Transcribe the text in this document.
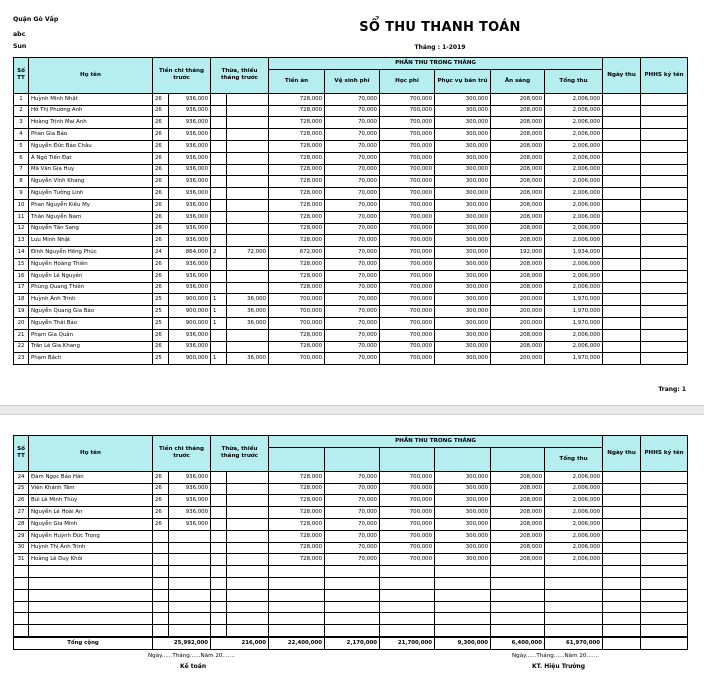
Quận Gò Vấp
abc
Sun
SỔ THU THANH TOÁN
Tháng : 1-2019
Số TT	Họ tên	Tiền chi tháng trước		Thừa, thiếu tháng trước		PHẦN THU TRONG THÁNG						Ngày thu	PHHS ký tên
						Tiền ăn	Vệ sinh phí	Học phí	Phục vụ bán trú	Ăn sáng	Tổng thu		
1	Huỳnh Minh Nhật	26	936,000			728,000	70,000	700,000	300,000	208,000	2,006,000		
2	Hồ Thị Phương Anh	26	936,000			728,000	70,000	700,000	300,000	208,000	2,006,000		
3	Hoàng Trịnh Mai Anh	26	936,000			728,000	70,000	700,000	300,000	208,000	2,006,000		
4	Phan Gia Bảo	26	936,000			728,000	70,000	700,000	300,000	208,000	2,006,000		
5	Nguyễn Đức Bảo Châu	26	936,000			728,000	70,000	700,000	300,000	208,000	2,006,000		
6	Á Ngô Tiến Đạt	26	936,000			728,000	70,000	700,000	300,000	208,000	2,006,000		
7	Mã Văn Gia Huy	26	936,000			728,000	70,000	700,000	300,000	208,000	2,006,000		
8	Nguyễn Vĩnh Khang	26	936,000			728,000	70,000	700,000	300,000	208,000	2,006,000		
9	Nguyễn Tường Linh	26	936,000			728,000	70,000	700,000	300,000	208,000	2,006,000		
10	Phan Nguyễn Kiều My	26	936,000			728,000	70,000	700,000	300,000	208,000	2,006,000		
11	Thân Nguyễn Nam	26	936,000			728,000	70,000	700,000	300,000	208,000	2,006,000		
12	Nguyễn Tấn Sang	26	936,000			728,000	70,000	700,000	300,000	208,000	2,006,000		
13	Lưu Minh Nhật	26	936,000			728,000	70,000	700,000	300,000	208,000	2,006,000		
14	Đinh Nguyễn Hồng Phúc	24	864,000	2	72,000	672,000	70,000	700,000	300,000	192,000	1,934,000		
15	Nguyễn Hoàng Thiên	26	936,000			728,000	70,000	700,000	300,000	208,000	2,006,000		
16	Nguyễn Lê Nguyên	26	936,000			728,000	70,000	700,000	300,000	208,000	2,006,000		
17	Phùng Quang Thiên	26	936,000			728,000	70,000	700,000	300,000	208,000	2,006,000		
18	Huỳnh Ánh Trinh	25	900,000	1	36,000	700,000	70,000	700,000	300,000	200,000	1,970,000		
19	Nguyễn Quang Gia Bảo	25	900,000	1	36,000	700,000	70,000	700,000	300,000	200,000	1,970,000		
20	Nguyễn Thái Bảo	25	900,000	1	36,000	700,000	70,000	700,000	300,000	200,000	1,970,000		
21	Phạm Gia Quân	26	936,000			728,000	70,000	700,000	300,000	208,000	2,006,000		
22	Trần Lê Gia Khang	26	936,000			728,000	70,000	700,000	300,000	208,000	2,006,000		
23	Phạm Bách	25	900,000	1	36,000	700,000	70,000	700,000	300,000	200,000	1,970,000		
Trang: 1
Số TT	Họ tên	Tiền chi tháng trước		Thừa, thiếu tháng trước		PHẦN THU TRONG THÁNG						Ngày thu	PHHS ký tên
											Tổng thu		
24	Đàm Ngọc Bảo Hân	26	936,000			728,000	70,000	700,000	300,000	208,000	2,006,000		
25	Viên Khánh Tâm	26	936,000			728,000	70,000	700,000	300,000	208,000	2,006,000		
26	Bùi Lê Minh Thùy	26	936,000			728,000	70,000	700,000	300,000	208,000	2,006,000		
27	Nguyễn Lê Hoài An	26	936,000			728,000	70,000	700,000	300,000	208,000	2,006,000		
28	Nguyễn Gia Minh	26	936,000			728,000	70,000	700,000	300,000	208,000	2,006,000		
29	Nguyễn Huỳnh Đức Trọng					728,000	70,000	700,000	300,000	208,000	2,006,000		
30	Huỳnh Thị Ánh Trinh					728,000	70,000	700,000	300,000	208,000	2,006,000		
31	Hoàng Lê Duy Khôi					728,000	70,000	700,000	300,000	208,000	2,006,000		

Tổng cộng		25,992,000		216,000		22,400,000	2,170,000	21,700,000	9,300,000	6,400,000	61,970,000		
Ngày......Tháng......Năm 20.......
Kế toán
Ngày......Tháng......Năm 20.......
KT. Hiệu Trưởng
